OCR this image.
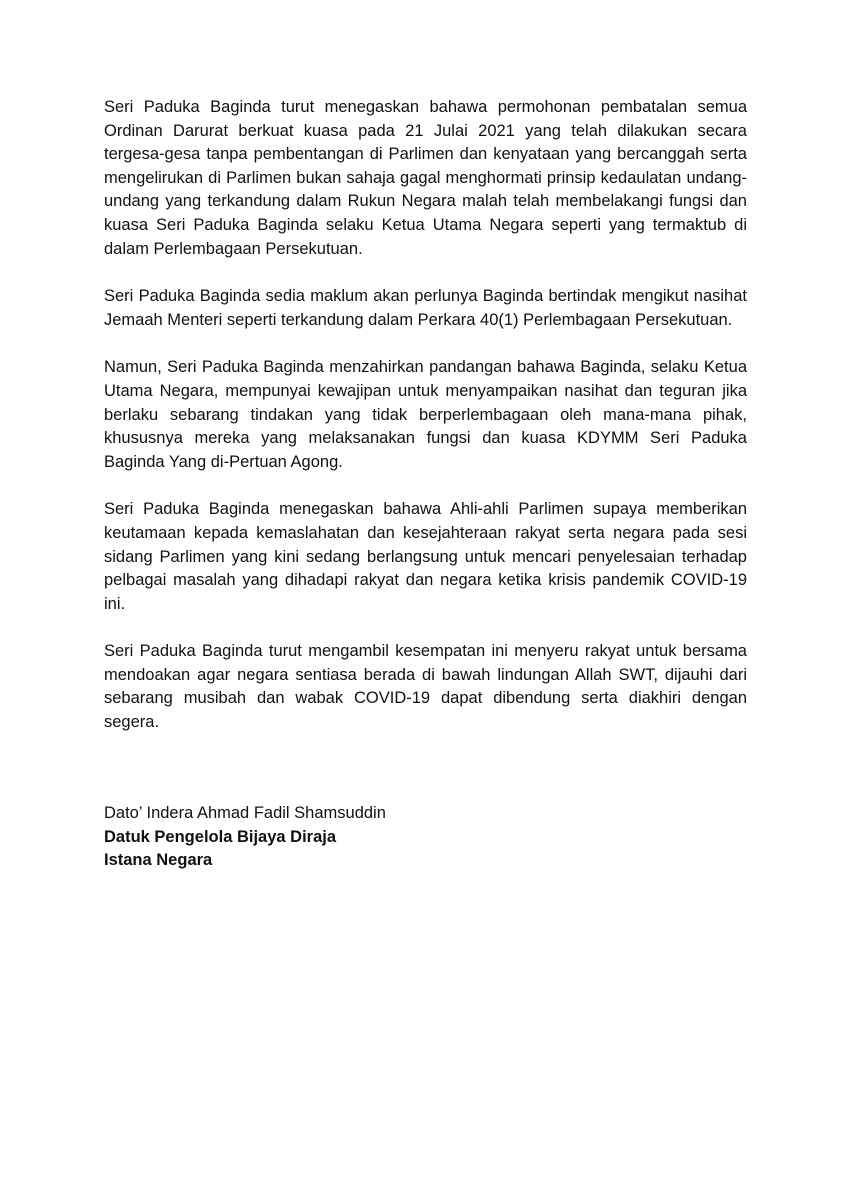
Seri Paduka Baginda turut menegaskan bahawa permohonan pembatalan semua Ordinan Darurat berkuat kuasa pada 21 Julai 2021 yang telah dilakukan secara tergesa-gesa tanpa pembentangan di Parlimen dan kenyataan yang bercanggah serta mengelirukan di Parlimen bukan sahaja gagal menghormati prinsip kedaulatan undang-undang yang terkandung dalam Rukun Negara malah telah membelakangi fungsi dan kuasa Seri Paduka Baginda selaku Ketua Utama Negara seperti yang termaktub di dalam Perlembagaan Persekutuan.

Seri Paduka Baginda sedia maklum akan perlunya Baginda bertindak mengikut nasihat Jemaah Menteri seperti terkandung dalam Perkara 40(1) Perlembagaan Persekutuan.

Namun, Seri Paduka Baginda menzahirkan pandangan bahawa Baginda, selaku Ketua Utama Negara, mempunyai kewajipan untuk menyampaikan nasihat dan teguran jika berlaku sebarang tindakan yang tidak berperlembagaan oleh mana-mana pihak, khususnya mereka yang melaksanakan fungsi dan kuasa KDYMM Seri Paduka Baginda Yang di-Pertuan Agong.

Seri Paduka Baginda menegaskan bahawa Ahli-ahli Parlimen supaya memberikan keutamaan kepada kemaslahatan dan kesejahteraan rakyat serta negara pada sesi sidang Parlimen yang kini sedang berlangsung untuk mencari penyelesaian terhadap pelbagai masalah yang dihadapi rakyat dan negara ketika krisis pandemik COVID-19 ini.

Seri Paduka Baginda turut mengambil kesempatan ini menyeru rakyat untuk bersama mendoakan agar negara sentiasa berada di bawah lindungan Allah SWT, dijauhi dari sebarang musibah dan wabak COVID-19 dapat dibendung serta diakhiri dengan segera.

Dato’ Indera Ahmad Fadil Shamsuddin
Datuk Pengelola Bijaya Diraja
Istana Negara
